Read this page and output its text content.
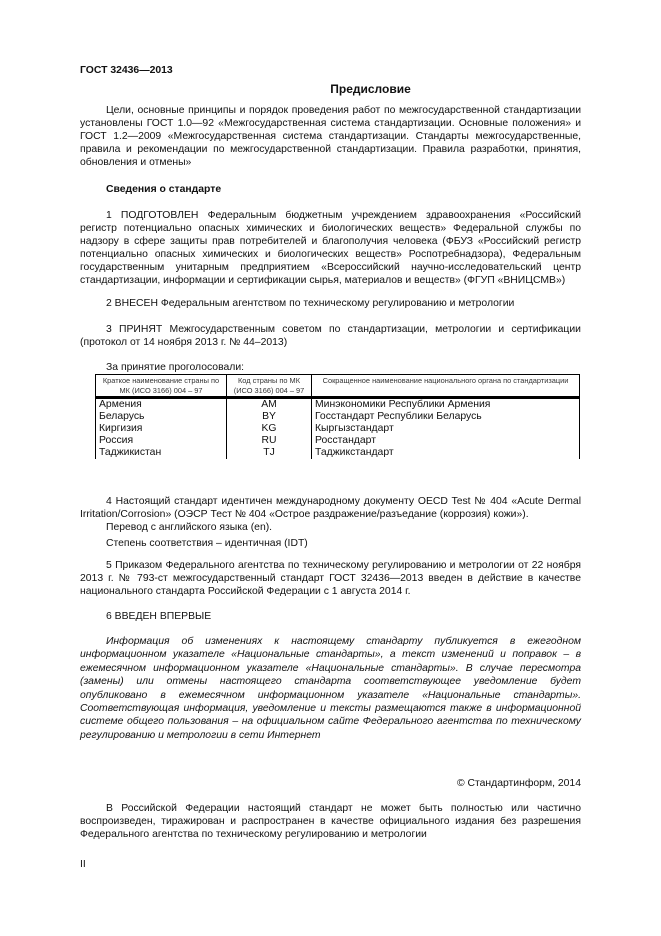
ГОСТ 32436—2013
Предисловие
Цели, основные принципы и порядок проведения работ по межгосударственной стандартизации установлены ГОСТ 1.0—92 «Межгосударственная система стандартизации. Основные положения» и ГОСТ 1.2—2009 «Межгосударственная система стандартизации. Стандарты межгосударственные, правила и рекомендации по межгосударственной стандартизации. Правила разработки, принятия, обновления и отмены»
Сведения о стандарте
1 ПОДГОТОВЛЕН Федеральным бюджетным учреждением здравоохранения «Российский регистр потенциально опасных химических и биологических веществ» Федеральной службы по надзору в сфере защиты прав потребителей и благополучия человека (ФБУЗ «Российский регистр потенциально опасных химических и биологических веществ» Роспотребнадзора), Федеральным государственным унитарным предприятием «Всероссийский научно-исследовательский центр стандартизации, информации и сертификации сырья, материалов и веществ» (ФГУП «ВНИЦСМВ»)
2 ВНЕСЕН Федеральным агентством по техническому регулированию и метрологии
3 ПРИНЯТ Межгосударственным советом по стандартизации, метрологии и сертификации (протокол от 14 ноября 2013 г. № 44–2013)
За принятие проголосовали:
Краткое наименование страны по МК (ИСО 3166) 004 – 97	Код страны по МК (ИСО 3166) 004 – 97	Сокращенное наименование национального органа по стандартизации
Армения	AM	Минэкономики Республики Армения
Беларусь	BY	Госстандарт Республики Беларусь
Киргизия	KG	Кыргызстандарт
Россия	RU	Росстандарт
Таджикистан	TJ	Таджикстандарт
4 Настоящий стандарт идентичен международному документу OECD Test № 404 «Acute Dermal Irritation/Corrosion» (ОЭСР Тест № 404 «Острое раздражение/разъедание (коррозия) кожи»).
Перевод с английского языка (en).
Степень соответствия – идентичная (IDT)
5 Приказом Федерального агентства по техническому регулированию и метрологии от 22 ноября 2013 г. № 793-ст межгосударственный стандарт ГОСТ 32436—2013 введен в действие в качестве национального стандарта Российской Федерации с 1 августа 2014 г.
6 ВВЕДЕН ВПЕРВЫЕ
Информация об изменениях к настоящему стандарту публикуется в ежегодном информационном указателе «Национальные стандарты», а текст изменений и поправок – в ежемесячном информационном указателе «Национальные стандарты». В случае пересмотра (замены) или отмены настоящего стандарта соответствующее уведомление будет опубликовано в ежемесячном информационном указателе «Национальные стандарты». Соответствующая информация, уведомление и тексты размещаются также в информационной системе общего пользования – на официальном сайте Федерального агентства по техническому регулированию и метрологии в сети Интернет
© Стандартинформ, 2014
В Российской Федерации настоящий стандарт не может быть полностью или частично воспроизведен, тиражирован и распространен в качестве официального издания без разрешения Федерального агентства по техническому регулированию и метрологии
II
